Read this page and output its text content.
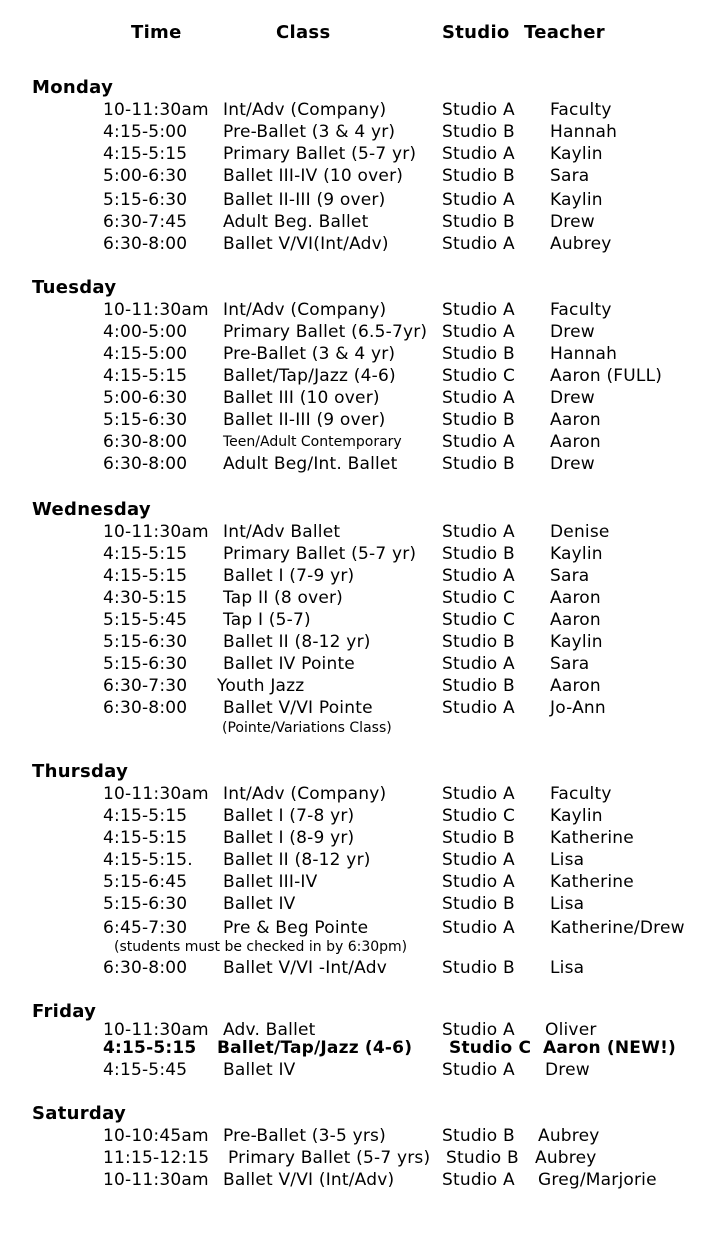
Time	Class	Studio Teacher
Monday
10-11:30am Int/Adv (Company)	Studio A Faculty
4:15-5:00 Pre-Ballet (3 & 4 yr)	Studio B Hannah
4:15-5:15 Primary Ballet (5-7 yr) Studio A Kaylin
5:00-6:30 Ballet III-IV (10 over) Studio B Sara
5:15-6:30 Ballet II-III (9 over)	Studio A Kaylin
6:30-7:45 Adult Beg. Ballet	Studio B Drew
6:30-8:00 Ballet V/VI(Int/Adv)	Studio A Aubrey
Tuesday
10-11:30am Int/Adv (Company)	Studio A Faculty
4:00-5:00 Primary Ballet (6.5-7yr) Studio A Drew
4:15-5:00 Pre-Ballet (3 & 4 yr)	Studio B Hannah
4:15-5:15 Ballet/Tap/Jazz (4-6)	Studio C Aaron (FULL)
5:00-6:30 Ballet III (10 over)	Studio A Drew
5:15-6:30 Ballet II-III (9 over)	Studio B Aaron
6:30-8:00	Teen/Adult Contemporary Studio A Aaron
6:30-8:00 Adult Beg/Int. Ballet	Studio B Drew
Wednesday
10-11:30am Int/Adv Ballet	Studio A Denise
4:15-5:15 Primary Ballet (5-7 yr) Studio B Kaylin
4:15-5:15 Ballet I (7-9 yr)	Studio A Sara
4:30-5:15 Tap II (8 over)	Studio C Aaron
5:15-5:45 Tap I (5-7)	Studio C Aaron
5:15-6:30 Ballet II (8-12 yr)	Studio B Kaylin
5:15-6:30 Ballet IV Pointe	Studio A Sara
6:30-7:30 Youth Jazz	Studio B Aaron
6:30-8:00 Ballet V/VI Pointe	Studio A Jo-Ann
(Pointe/Variations Class)
Thursday
10-11:30am Int/Adv (Company)	Studio A Faculty
4:15-5:15 Ballet I (7-8 yr)	Studio C Kaylin
4:15-5:15 Ballet I (8-9 yr)	Studio B Katherine
4:15-5:15. Ballet II (8-12 yr)	Studio A Lisa
5:15-6:45 Ballet III-IV	Studio A Katherine
5:15-6:30 Ballet IV	Studio B Lisa
6:45-7:30 Pre & Beg Pointe	Studio A Katherine/Drew
(students must be checked in by 6:30pm)
6:30-8:00 Ballet V/VI -Int/Adv	Studio B Lisa
Friday
10-11:30am Adv. Ballet	Studio A Oliver
4:15-5:15 Ballet/Tap/Jazz (4-6) Studio C Aaron (NEW!)
4:15-5:45 Ballet IV	Studio A Drew
Saturday
10-10:45am Pre-Ballet (3-5 yrs)	Studio B Aubrey
11:15-12:15 Primary Ballet (5-7 yrs) Studio B Aubrey
10-11:30am Ballet V/VI (Int/Adv)	Studio A Greg/Marjorie
